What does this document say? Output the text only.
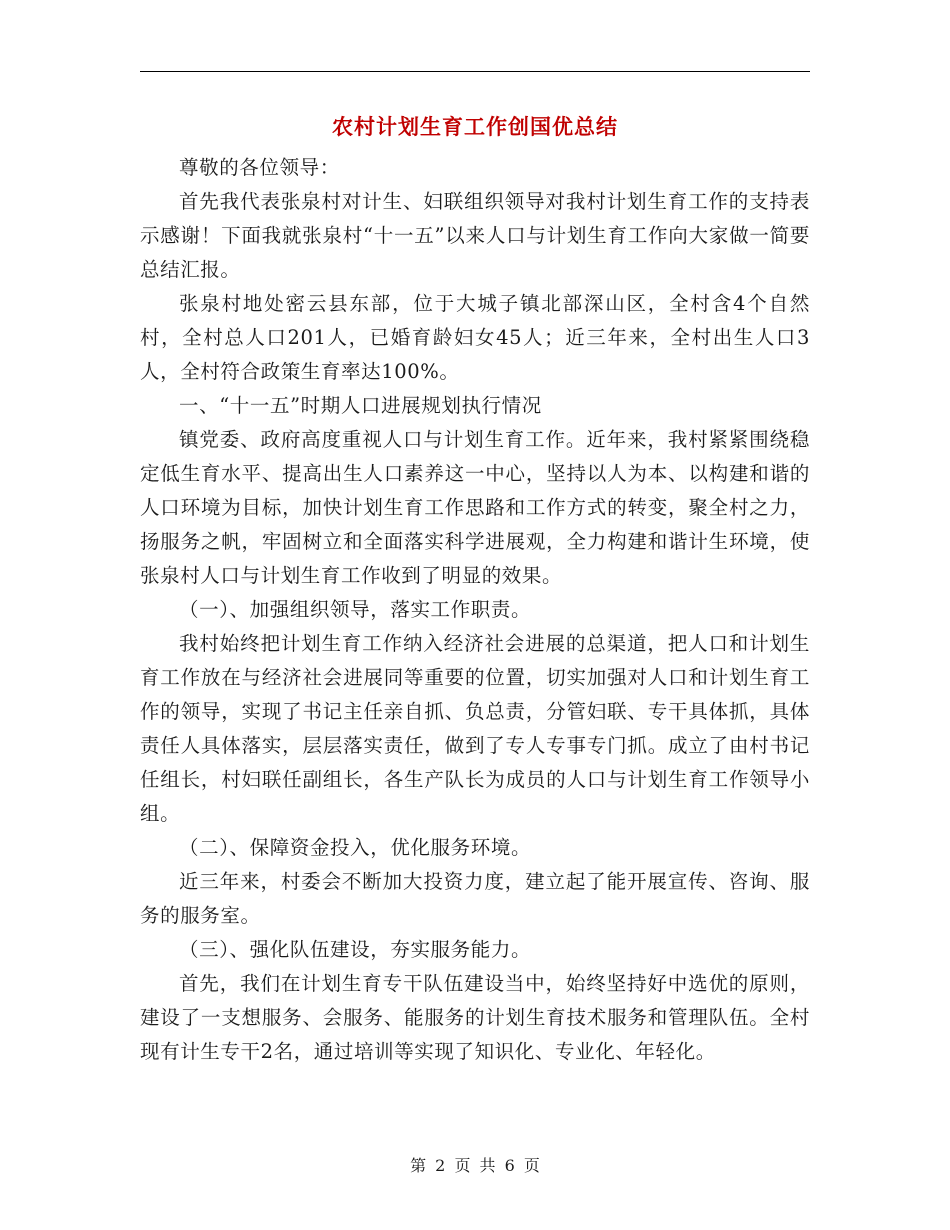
农村计划生育工作创国优总结

尊敬的各位领导：

首先我代表张泉村对计生、妇联组织领导对我村计划生育工作的支持表示感谢！下面我就张泉村“十一五”以来人口与计划生育工作向大家做一简要总结汇报。

张泉村地处密云县东部，位于大城子镇北部深山区，全村含4个自然村，全村总人口201人，已婚育龄妇女45人；近三年来，全村出生人口3人，全村符合政策生育率达100%。

一、“十一五”时期人口进展规划执行情况

镇党委、政府高度重视人口与计划生育工作。近年来，我村紧紧围绕稳定低生育水平、提高出生人口素养这一中心，坚持以人为本、以构建和谐的人口环境为目标，加快计划生育工作思路和工作方式的转变，聚全村之力，扬服务之帆，牢固树立和全面落实科学进展观，全力构建和谐计生环境，使张泉村人口与计划生育工作收到了明显的效果。

（一）、加强组织领导，落实工作职责。

我村始终把计划生育工作纳入经济社会进展的总渠道，把人口和计划生育工作放在与经济社会进展同等重要的位置，切实加强对人口和计划生育工作的领导，实现了书记主任亲自抓、负总责，分管妇联、专干具体抓，具体责任人具体落实，层层落实责任，做到了专人专事专门抓。成立了由村书记任组长，村妇联任副组长，各生产队长为成员的人口与计划生育工作领导小组。

（二）、保障资金投入，优化服务环境。

近三年来，村委会不断加大投资力度，建立起了能开展宣传、咨询、服务的服务室。

（三）、强化队伍建设，夯实服务能力。

首先，我们在计划生育专干队伍建设当中，始终坚持好中选优的原则，建设了一支想服务、会服务、能服务的计划生育技术服务和管理队伍。全村现有计生专干2名，通过培训等实现了知识化、专业化、年轻化。

第 2 页 共 6 页
